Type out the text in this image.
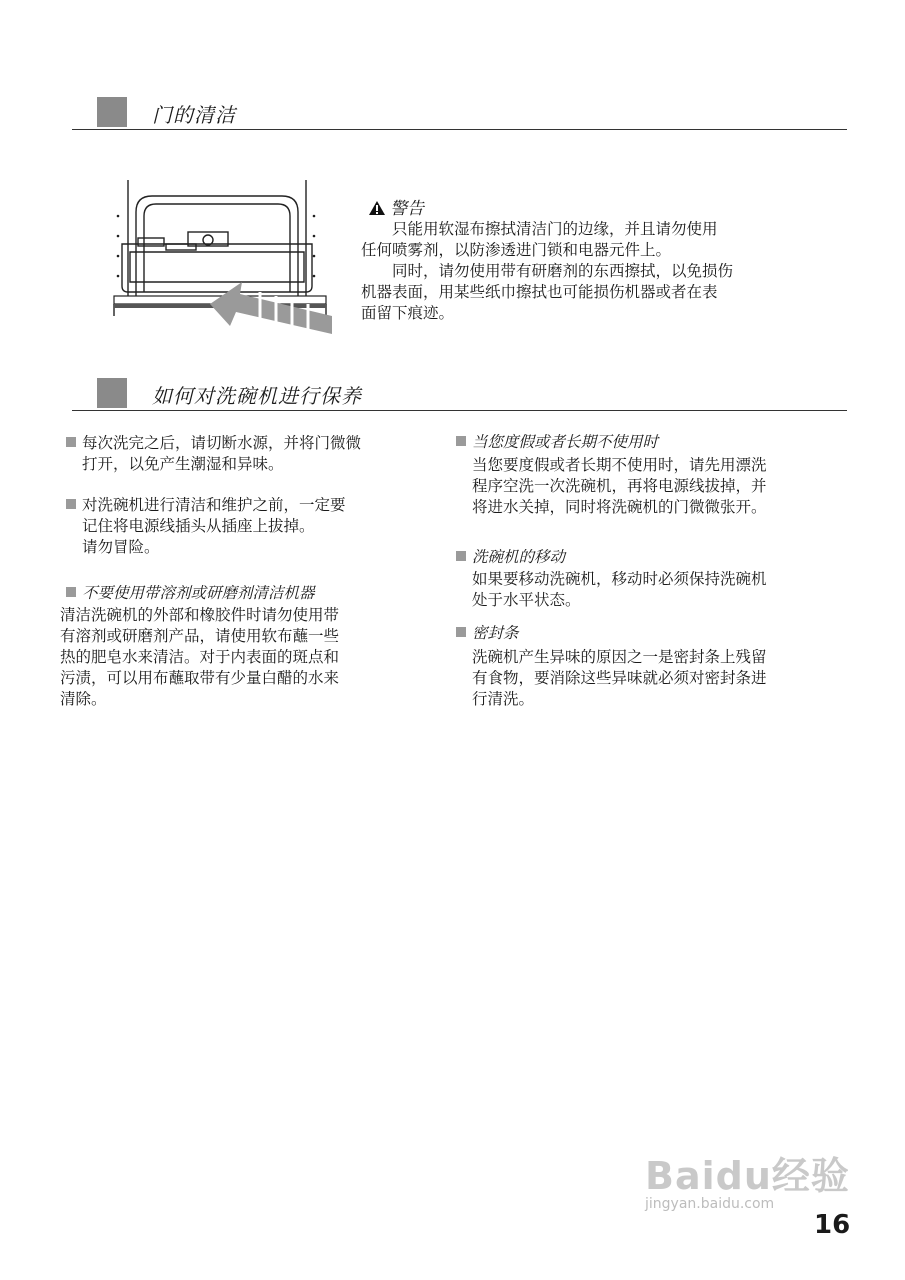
门的清洁
警告
只能用软湿布擦拭清洁门的边缘，并且请勿使用
任何喷雾剂，以防渗透进门锁和电器元件上。
同时，请勿使用带有研磨剂的东西擦拭，以免损伤
机器表面，用某些纸巾擦拭也可能损伤机器或者在表
面留下痕迹。
如何对洗碗机进行保养
每次洗完之后，请切断水源，并将门微微
打开，以免产生潮湿和异味。
对洗碗机进行清洁和维护之前，一定要
记住将电源线插头从插座上拔掉。
请勿冒险。
不要使用带溶剂或研磨剂清洁机器
清洁洗碗机的外部和橡胶件时请勿使用带
有溶剂或研磨剂产品，请使用软布蘸一些
热的肥皂水来清洁。对于内表面的斑点和
污渍，可以用布蘸取带有少量白醋的水来
清除。
当您度假或者长期不使用时
当您要度假或者长期不使用时，请先用漂洗
程序空洗一次洗碗机，再将电源线拔掉，并
将进水关掉，同时将洗碗机的门微微张开。
洗碗机的移动
如果要移动洗碗机，移动时必须保持洗碗机
处于水平状态。
密封条
洗碗机产生异味的原因之一是密封条上残留
有食物，要消除这些异味就必须对密封条进
行清洗。
Baidu经验
jingyan.baidu.com
16
